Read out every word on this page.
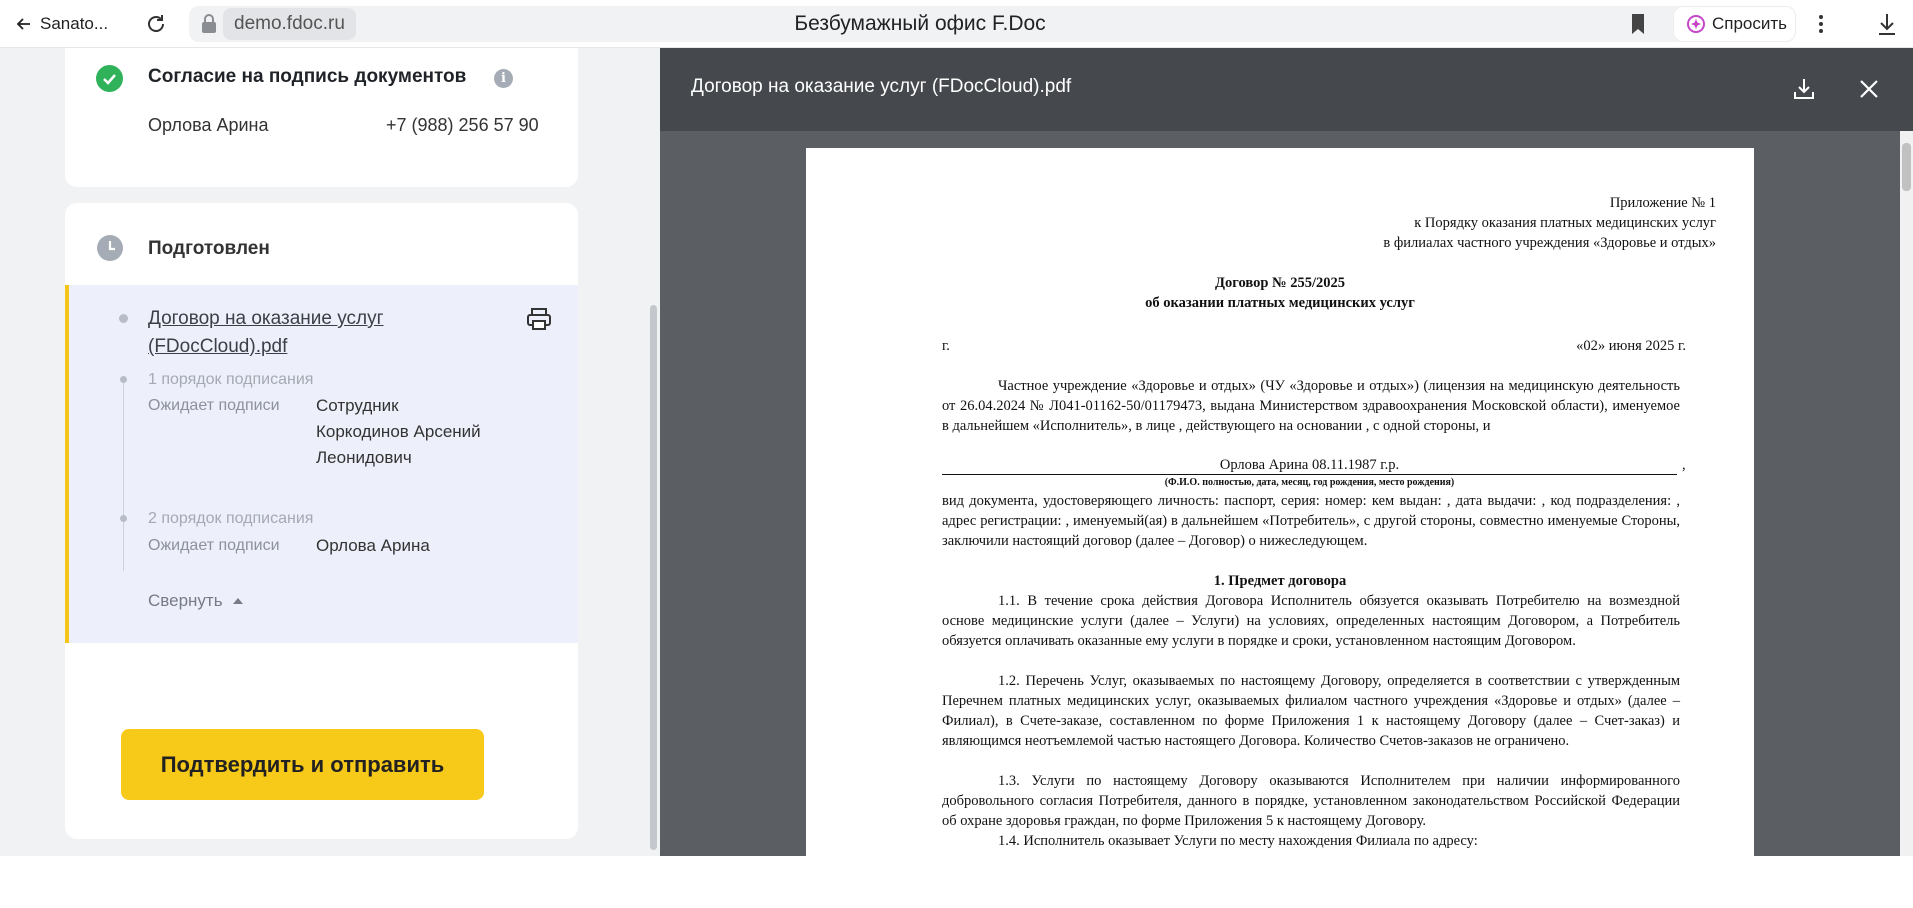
Sanato...	demo.fdoc.ru	Безбумажный офис F.Doc	Спросить
Согласие на подпись документов	i
Орлова Арина	+7 (988) 256 57 90
Подготовлен
Договор на оказание услуг (FDocCloud).pdf
1 порядок подписания
Ожидает подписи Сотрудник
Коркодинов Арсений
Леонидович
2 порядок подписания
Ожидает подписи Орлова Арина
Свернуть
Подтвердить и отправить
Договор на оказание услуг (FDocCloud).pdf
Приложение № 1
к Порядку оказания платных медицинских услуг
в филиалах частного учреждения «Здоровье и отдых»
Договор № 255/2025
об оказании платных медицинских услуг
г.	«02» июня 2025 г.
Частное учреждение «Здоровье и отдых» (ЧУ «Здоровье и отдых») (лицензия на медицинскую деятельность от 26.04.2024 № Л041-01162-50/01179473, выдана Министерством здравоохранения Московской области), именуемое в дальнейшем «Исполнитель», в лице , действующего на основании , с одной стороны, и
Орлова Арина 08.11.1987 г.р.	,
(Ф.И.О. полностью, дата, месяц, год рождения, место рождения)
вид документа, удостоверяющего личность: паспорт, серия: номер: кем выдан: , дата выдачи: , код подразделения: , адрес регистрации: , именуемый(ая) в дальнейшем «Потребитель», с другой стороны, совместно именуемые Стороны, заключили настоящий договор (далее – Договор) о нижеследующем.
1. Предмет договора
1.1. В течение срока действия Договора Исполнитель обязуется оказывать Потребителю на возмездной основе медицинские услуги (далее – Услуги) на условиях, определенных настоящим Договором, а Потребитель обязуется оплачивать оказанные ему услуги в порядке и сроки, установленном настоящим Договором.
1.2. Перечень Услуг, оказываемых по настоящему Договору, определяется в соответствии с утвержденным Перечнем платных медицинских услуг, оказываемых филиалом частного учреждения «Здоровье и отдых» (далее – Филиал), в Счете-заказе, составленном по форме Приложения 1 к настоящему Договору (далее – Счет-заказ) и являющимся неотъемлемой частью настоящего Договора. Количество Счетов-заказов не ограничено.
1.3. Услуги по настоящему Договору оказываются Исполнителем при наличии информированного добровольного согласия Потребителя, данного в порядке, установленном законодательством Российской Федерации об охране здоровья граждан, по форме Приложения 5 к настоящему Договору.
1.4. Исполнитель оказывает Услуги по месту нахождения Филиала по адресу:
